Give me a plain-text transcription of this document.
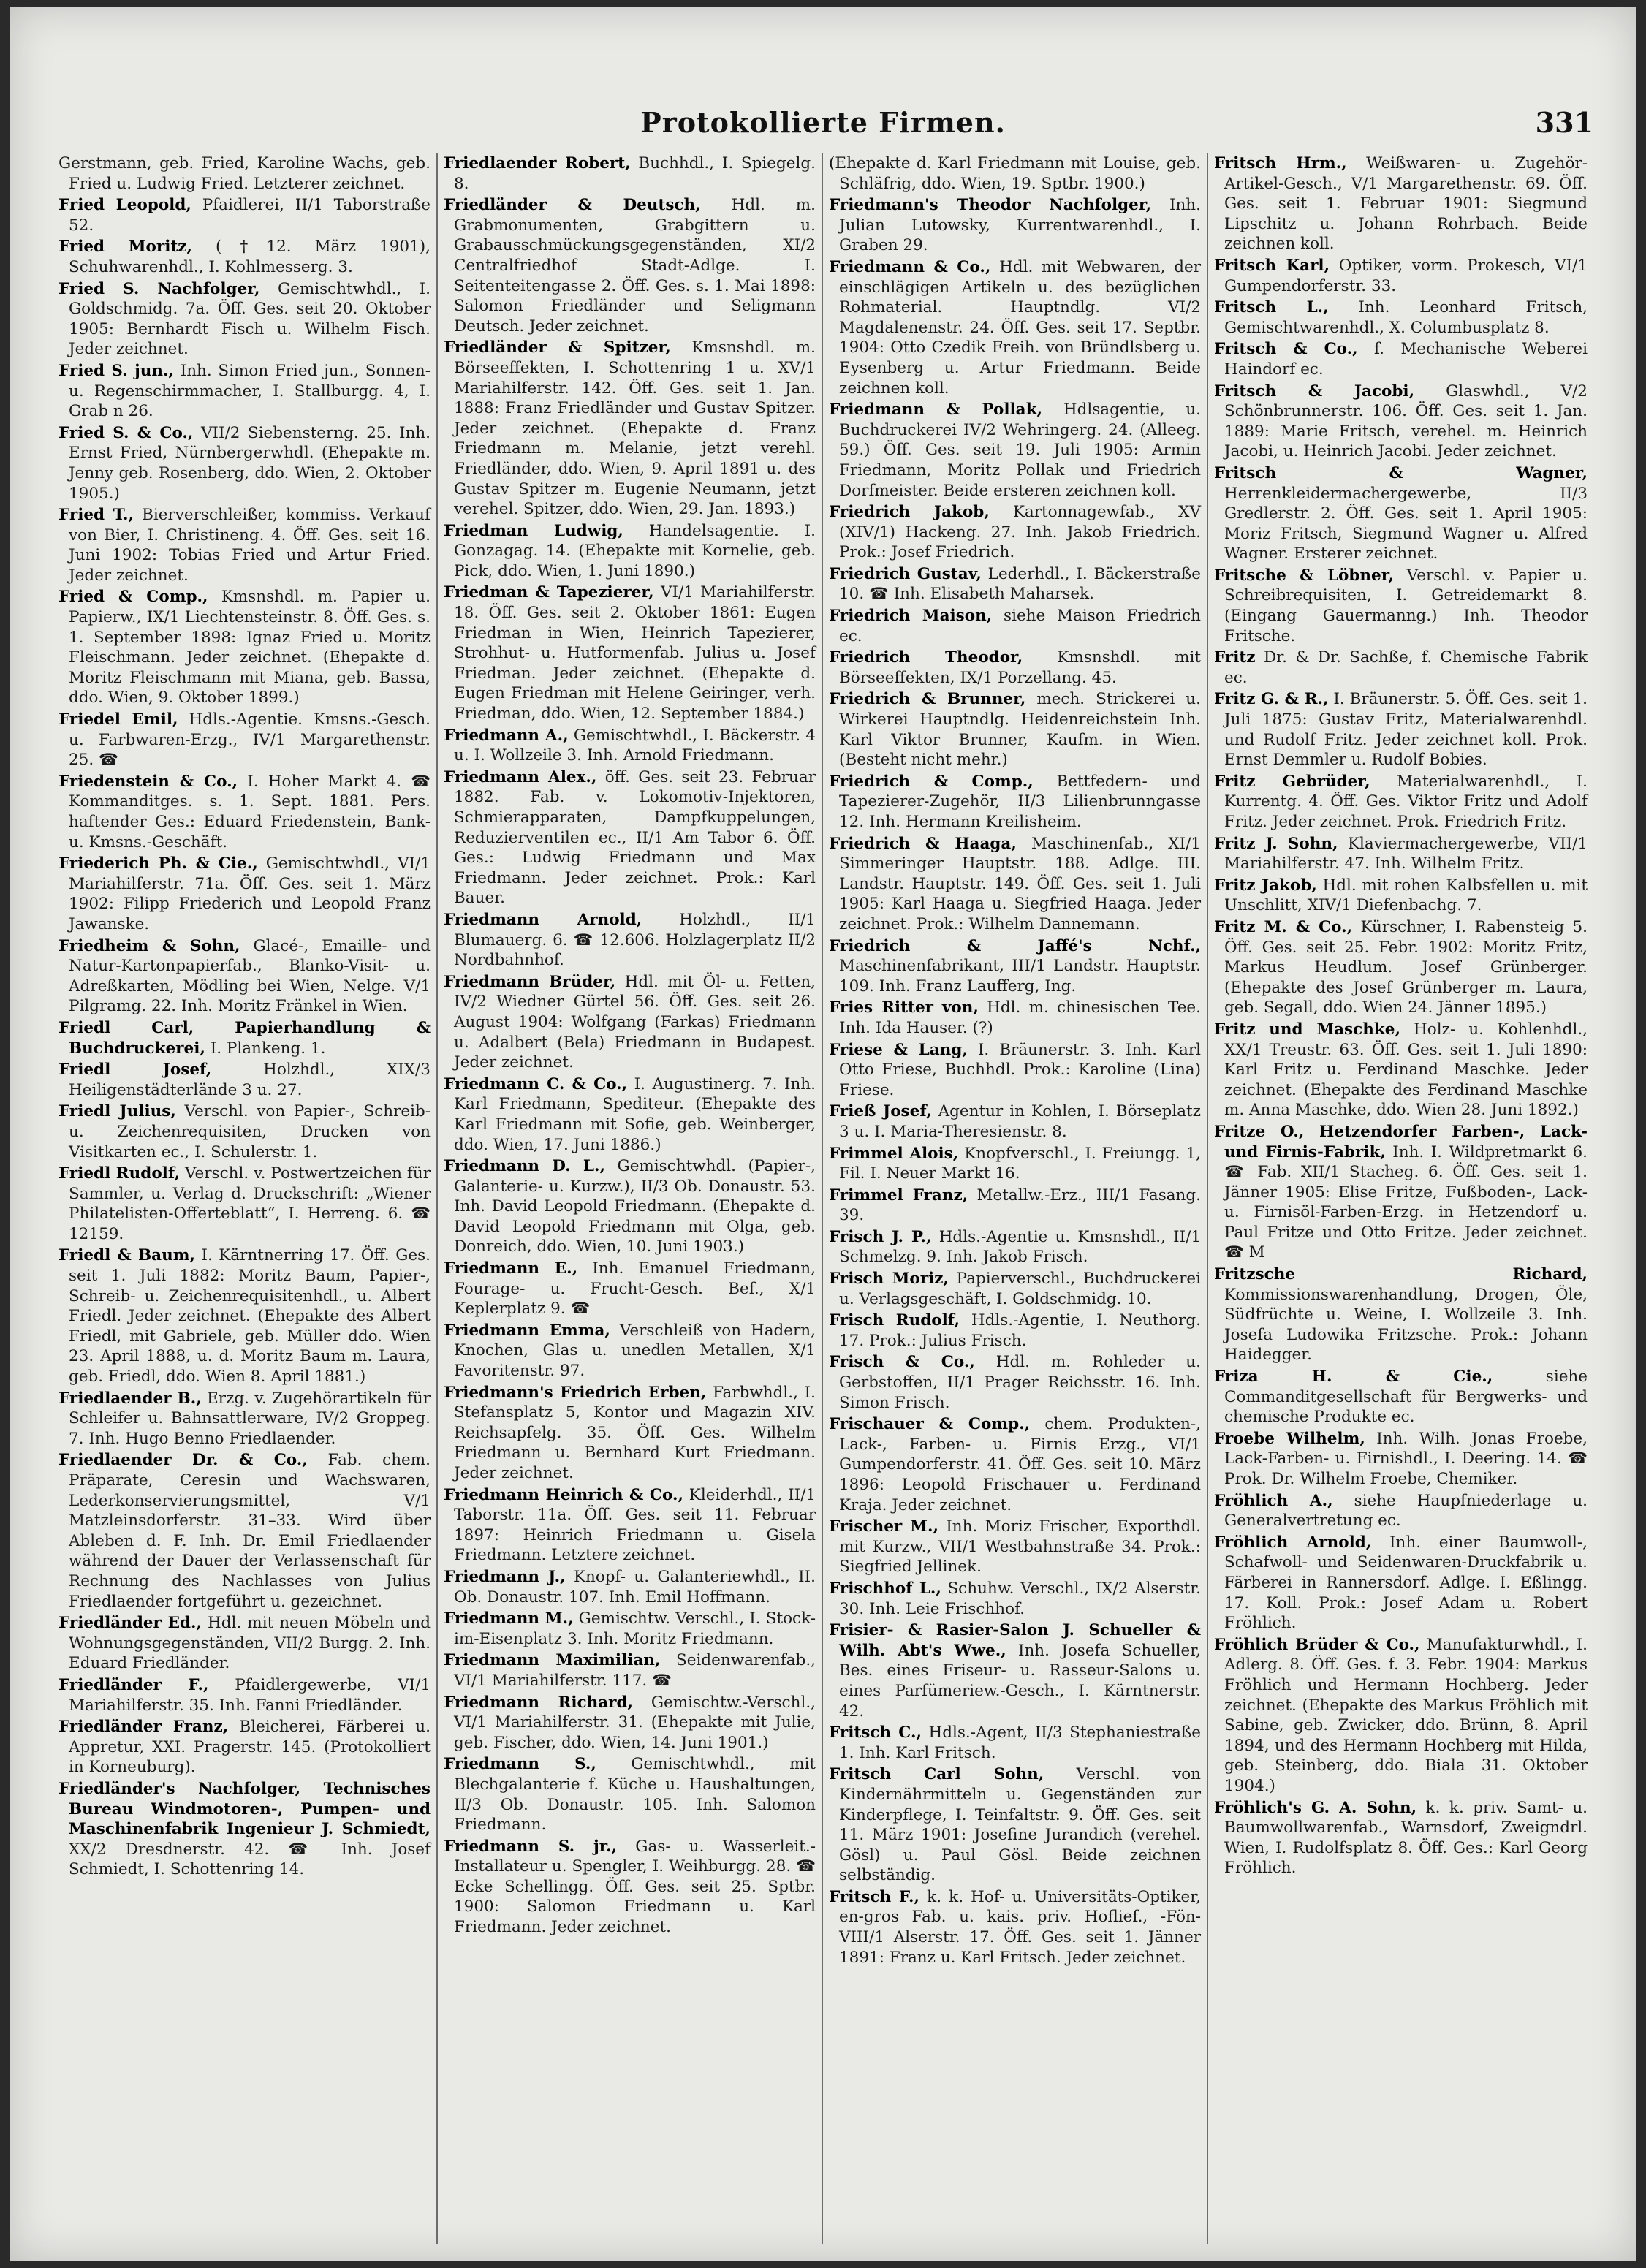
Protokollierte Firmen.	331

Gerstmann, geb. Fried, Karoline Wachs, geb. Fried u. Ludwig Fried. Letzterer zeichnet.

Fried Leopold, Pfaidlerei, II/1 Taborstraße 52.

Fried Moritz, (†12. März 1901), Schuhwarenhdl., I. Kohlmesserg. 3.

Fried S. Nachfolger, Gemischtwhdl., I. Goldschmidg. 7a. Öff. Ges. seit 20. Oktober 1905: Bernhardt Fisch u. Wilhelm Fisch. Jeder zeichnet.

Fried S. jun., Inh. Simon Fried jun., Sonnen- u. Regenschirmmacher, I. Stallburgg. 4, I. Grab n 26.

Fried S. & Co., VII/2 Siebensterng. 25. Inh. Ernst Fried, Nürnbergerwhdl. (Ehepakte m. Jenny geb. Rosenberg, ddo. Wien, 2. Oktober 1905.)

Fried T., Bierverschleißer, kommiss. Verkauf von Bier, I. Christineng. 4. Öff. Ges. seit 16. Juni 1902: Tobias Fried und Artur Fried. Jeder zeichnet.

Fried & Comp., Kmsnshdl. m. Papier u. Papierw., IX/1 Liechtensteinstr. 8. Öff. Ges. s. 1. September 1898: Ignaz Fried u. Moritz Fleischmann. Jeder zeichnet. (Ehepakte d. Moritz Fleischmann mit Miana, geb. Bassa, ddo. Wien, 9. Oktober 1899.)

Friedel Emil, Hdls.-Agentie. Kmsns.-Gesch. u. Farbwaren-Erzg., IV/1 Margarethenstr. 25. ☎

Friedenstein & Co., I. Hoher Markt 4. ☎ Kommanditges. s. 1. Sept. 1881. Pers. haftender Ges.: Eduard Friedenstein, Bank- u. Kmsns.-Geschäft.

Friederich Ph. & Cie., Gemischtwhdl., VI/1 Mariahilferstr. 71a. Öff. Ges. seit 1. März 1902: Filipp Friederich und Leopold Franz Jawanske.

Friedheim & Sohn, Glacé-, Emaille- und Natur-Kartonpapierfab., Blanko-Visit- u. Adreßkarten, Mödling bei Wien, Nelge. V/1 Pilgramg. 22. Inh. Moritz Fränkel in Wien.

Friedl Carl, Papierhandlung & Buchdruckerei, I. Plankeng. 1.

Friedl Josef,	Holzhdl., XIX/3 Heiligenstädterlände 3 u. 27.

Friedl Julius, Verschl. von Papier-, Schreib- u. Zeichenrequisiten, Drucken von Visitkarten ec., I. Schulerstr. 1.

Friedl Rudolf, Verschl. v. Postwertzeichen für Sammler, u. Verlag d. Druckschrift: „Wiener Philatelisten-Offerteblatt“, I. Herreng. 6. ☎ 12159.

Friedl & Baum, I. Kärntnerring 17. Öff. Ges. seit 1. Juli 1882: Moritz Baum, Papier-, Schreib- u. Zeichenrequisitenhdl., u. Albert Friedl. Jeder zeichnet. (Ehepakte des Albert Friedl, mit Gabriele, geb. Müller ddo. Wien 23. April 1888, u. d. Moritz Baum m. Laura, geb. Friedl, ddo. Wien 8. April 1881.)

Friedlaender B., Erzg. v. Zugehörartikeln für Schleifer u. Bahnsattlerware, IV/2 Groppeg. 7. Inh. Hugo Benno Friedlaender.

Friedlaender Dr. & Co., Fab. chem. Präparate, Ceresin und Wachswaren, Lederkonservierungsmittel, V/1 Matzleinsdorferstr. 31–33. Wird über Ableben d. F. Inh. Dr. Emil Friedlaender während der Dauer der Verlassenschaft für Rechnung des Nachlasses von Julius Friedlaender fortgeführt u. gezeichnet.

Friedländer Ed., Hdl. mit neuen Möbeln und Wohnungsgegenständen, VII/2 Burgg. 2. Inh. Eduard Friedländer.

Friedländer F., Pfaidlergewerbe, VI/1 Mariahilferstr. 35. Inh. Fanni Friedländer.

Friedländer Franz, Bleicherei, Färberei u. Appretur, XXI. Pragerstr. 145. (Protokolliert in Korneuburg).

Friedländer's Nachfolger, Technisches Bureau Windmotoren-, Pumpen- und Maschinenfabrik Ingenieur J. Schmiedt, XX/2 Dresdnerstr. 42. ☎ Inh. Josef Schmiedt, I. Schottenring 14.

Friedlaender Robert, Buchhdl., I. Spiegelg. 8.

Friedländer & Deutsch, Hdl. m. Grabmonumenten, Grabgittern u. Grabausschmückungsgegenständen, XI/2 Centralfriedhof Stadt-Adlge. I. Seitenteitengasse 2. Öff. Ges. s. 1. Mai 1898: Salomon Friedländer und Seligmann Deutsch. Jeder zeichnet.

Friedländer & Spitzer, Kmsnshdl. m. Börseeffekten, I. Schottenring 1 u. XV/1 Mariahilferstr. 142. Öff. Ges. seit 1. Jan. 1888: Franz Friedländer und Gustav Spitzer. Jeder zeichnet. (Ehepakte d. Franz Friedmann m. Melanie, jetzt verehl. Friedländer, ddo. Wien, 9. April 1891 u. des Gustav Spitzer m. Eugenie Neumann, jetzt verehel. Spitzer, ddo. Wien, 29. Jan. 1893.)

Friedman Ludwig, Handelsagentie. I. Gonzagag. 14. (Ehepakte mit Kornelie, geb. Pick, ddo. Wien, 1. Juni 1890.)

Friedman & Tapezierer, VI/1 Mariahilferstr. 18. Öff. Ges. seit 2. Oktober 1861: Eugen Friedman in Wien, Heinrich Tapezierer, Strohhut- u. Hutformenfab. Julius u. Josef Friedman. Jeder zeichnet. (Ehepakte d. Eugen Friedman mit Helene Geiringer, verh. Friedman, ddo. Wien, 12. September 1884.)

Friedmann A., Gemischtwhdl., I. Bäckerstr. 4 u. I. Wollzeile 3. Inh. Arnold Friedmann.

Friedmann Alex., öff. Ges. seit 23. Februar 1882. Fab. v. Lokomotiv-Injektoren, Schmierapparaten, Dampfkuppelungen, Reduzierventilen ec., II/1 Am Tabor 6. Öff. Ges.: Ludwig Friedmann und Max Friedmann. Jeder zeichnet. Prok.: Karl Bauer.

Friedmann Arnold, Holzhdl., II/1 Blumauerg. 6. ☎ 12.606. Holzlagerplatz II/2 Nordbahnhof.

Friedmann Brüder, Hdl. mit Öl- u. Fetten, IV/2 Wiedner Gürtel 56. Öff. Ges. seit 26. August 1904: Wolfgang (Farkas) Friedmann u. Adalbert (Bela) Friedmann in Budapest. Jeder zeichnet.

Friedmann C. & Co., I. Augustinerg. 7. Inh. Karl Friedmann, Spediteur. (Ehepakte des Karl Friedmann mit Sofie, geb. Weinberger, ddo. Wien, 17. Juni 1886.)

Friedmann D. L., Gemischtwhdl. (Papier-, Galanterie- u. Kurzw.), II/3 Ob. Donaustr. 53. Inh. David Leopold Friedmann. (Ehepakte d. David Leopold Friedmann mit Olga, geb. Donreich, ddo. Wien, 10. Juni 1903.)

Friedmann E., Inh. Emanuel Friedmann, Fourage- u. Frucht-Gesch. Bef., X/1 Keplerplatz 9. ☎

Friedmann Emma, Verschleiß von Hadern, Knochen, Glas u. unedlen Metallen, X/1 Favoritenstr. 97.

Friedmann's Friedrich Erben, Farbwhdl., I. Stefansplatz 5, Kontor und Magazin XIV. Reichsapfelg. 35. Öff. Ges. Wilhelm Friedmann u. Bernhard Kurt Friedmann. Jeder zeichnet.

Friedmann Heinrich & Co., Kleiderhdl., II/1 Taborstr. 11a. Öff. Ges. seit 11. Februar 1897: Heinrich Friedmann u. Gisela Friedmann. Letztere zeichnet.

Friedmann J., Knopf- u. Galanteriewhdl., II. Ob. Donaustr. 107. Inh. Emil Hoffmann.

Friedmann M., Gemischtw. Verschl., I. Stock-im-Eisenplatz 3. Inh. Moritz Friedmann.

Friedmann Maximilian, Seidenwarenfab., VI/1 Mariahilferstr. 117. ☎

Friedmann Richard, Gemischtw.-Verschl., VI/1 Mariahilferstr. 31. (Ehepakte mit Julie, geb. Fischer, ddo. Wien, 14. Juni 1901.)

Friedmann S., Gemischtwhdl., mit Blechgalanterie f. Küche u. Haushaltungen, II/3 Ob. Donaustr. 105. Inh. Salomon Friedmann.

Friedmann S. jr., Gas- u. Wasserleit.-Installateur u. Spengler, I. Weihburgg. 28. ☎ Ecke Schellingg. Öff. Ges. seit 25. Sptbr. 1900: Salomon Friedmann u. Karl Friedmann. Jeder zeichnet.

(Ehepakte d. Karl Friedmann mit Louise, geb. Schläfrig, ddo. Wien, 19. Sptbr. 1900.)

Friedmann's Theodor Nachfolger, Inh. Julian Lutowsky, Kurrentwarenhdl., I. Graben 29.

Friedmann & Co., Hdl. mit Webwaren, der einschlägigen Artikeln u. des bezüglichen Rohmaterial. Hauptndlg. VI/2 Magdalenenstr. 24. Öff. Ges. seit 17. Septbr. 1904: Otto Czedik Freih. von Bründlsberg u. Eysenberg u. Artur Friedmann. Beide zeichnen koll.

Friedmann & Pollak, Hdlsagentie, u. Buchdruckerei IV/2 Wehringerg. 24. (Alleeg. 59.) Öff. Ges. seit 19. Juli 1905: Armin Friedmann, Moritz Pollak und Friedrich Dorfmeister. Beide ersteren zeichnen koll.

Friedrich Jakob, Kartonnagewfab., XV (XIV/1) Hackeng. 27. Inh. Jakob Friedrich. Prok.: Josef Friedrich.

Friedrich Gustav, Lederhdl., I. Bäckerstraße 10. ☎ Inh. Elisabeth Maharsek.

Friedrich Maison, siehe Maison Friedrich ec.

Friedrich Theodor, Kmsnshdl. mit Börseeffekten, IX/1 Porzellang. 45.

Friedrich & Brunner, mech. Strickerei u. Wirkerei Hauptndlg. Heidenreichstein Inh. Karl Viktor Brunner, Kaufm. in Wien. (Besteht nicht mehr.)

Friedrich & Comp., Bettfedern- und Tapezierer-Zugehör, II/3 Lilienbrunngasse 12. Inh. Hermann Kreilisheim.

Friedrich & Haaga, Maschinenfab., XI/1 Simmeringer Hauptstr. 188. Adlge. III. Landstr. Hauptstr. 149. Öff. Ges. seit 1. Juli 1905: Karl Haaga u. Siegfried Haaga. Jeder zeichnet. Prok.: Wilhelm Dannemann.

Friedrich & Jaffé's Nchf., Maschinenfabrikant, III/1 Landstr. Hauptstr. 109. Inh. Franz Laufferg, Ing.

Fries Ritter von, Hdl. m. chinesischen Tee. Inh. Ida Hauser. (?)

Friese & Lang, I. Bräunerstr. 3. Inh. Karl Otto Friese, Buchhdl. Prok.: Karoline (Lina) Friese.

Frieß Josef, Agentur in Kohlen, I. Börseplatz 3 u. I. Maria-Theresienstr. 8.

Frimmel Alois, Knopfverschl., I. Freiungg. 1, Fil. I. Neuer Markt 16.

Frimmel Franz, Metallw.-Erz., III/1 Fasang. 39.

Frisch J. P., Hdls.-Agentie u. Kmsnshdl., II/1 Schmelzg. 9. Inh. Jakob Frisch.

Frisch Moriz, Papierverschl., Buchdruckerei u. Verlagsgeschäft, I. Goldschmidg. 10.

Frisch Rudolf, Hdls.-Agentie, I. Neuthorg. 17. Prok.: Julius Frisch.

Frisch & Co., Hdl. m. Rohleder u. Gerbstoffen, II/1 Prager Reichsstr. 16. Inh. Simon Frisch.

Frischauer & Comp., chem. Produkten-, Lack-, Farben- u. Firnis Erzg., VI/1 Gumpendorferstr. 41. Öff. Ges. seit 10. März 1896: Leopold Frischauer u. Ferdinand Kraja. Jeder zeichnet.

Frischer M., Inh. Moriz Frischer, Exporthdl. mit Kurzw., VII/1 Westbahnstraße 34. Prok.: Siegfried Jellinek.

Frischhof L., Schuhw. Verschl., IX/2 Alserstr. 30. Inh. Leie Frischhof.

Frisier- & Rasier-Salon J. Schueller & Wilh. Abt's Wwe., Inh. Josefa Schueller, Bes. eines Friseur- u. Rasseur-Salons u. eines Parfümeriew.-Gesch., I. Kärntnerstr. 42.

Fritsch C., Hdls.-Agent, II/3 Stephaniestraße 1. Inh. Karl Fritsch.

Fritsch Carl Sohn, Verschl. von Kindernährmitteln u. Gegenständen zur Kinderpflege, I. Teinfaltstr. 9. Öff. Ges. seit 11. März 1901: Josefine Jurandich (verehel. Gösl) u. Paul Gösl. Beide zeichnen selbständig.

Fritsch F., k. k. Hof- u. Universitäts-Optiker, en-gros Fab. u. kais. priv. Hoflief., -Fön- VIII/1 Alserstr. 17. Öff. Ges. seit 1. Jänner 1891: Franz u. Karl Fritsch. Jeder zeichnet.

Fritsch Hrm., Weißwaren- u. Zugehör-Artikel-Gesch., V/1 Margarethenstr. 69. Öff. Ges. seit 1. Februar 1901: Siegmund Lipschitz u. Johann Rohrbach. Beide zeichnen koll.

Fritsch Karl, Optiker, vorm. Prokesch, VI/1 Gumpendorferstr. 33.

Fritsch L., Inh. Leonhard Fritsch, Gemischtwarenhdl., X. Columbusplatz 8.

Fritsch & Co., f. Mechanische Weberei Haindorf ec.

Fritsch & Jacobi, Glaswhdl., V/2 Schönbrunnerstr. 106. Öff. Ges. seit 1. Jan. 1889: Marie Fritsch, verehel. m. Heinrich Jacobi, u. Heinrich Jacobi. Jeder zeichnet.

Fritsch & Wagner, Herrenkleidermachergewerbe, II/3 Gredlerstr. 2. Öff. Ges. seit 1. April 1905: Moriz Fritsch, Siegmund Wagner u. Alfred Wagner. Ersterer zeichnet.

Fritsche & Löbner, Verschl. v. Papier u. Schreibrequisiten, I. Getreidemarkt 8. (Eingang Gauermanng.) Inh. Theodor Fritsche.

Fritz Dr. & Dr. Sachße, f. Chemische Fabrik ec.

Fritz G. & R., I. Bräunerstr. 5. Öff. Ges. seit 1. Juli 1875: Gustav Fritz, Materialwarenhdl. und Rudolf Fritz. Jeder zeichnet koll. Prok. Ernst Demmler u. Rudolf Bobies.

Fritz Gebrüder, Materialwarenhdl., I. Kurrentg. 4. Öff. Ges. Viktor Fritz und Adolf Fritz. Jeder zeichnet. Prok. Friedrich Fritz.

Fritz J. Sohn, Klaviermachergewerbe, VII/1 Mariahilferstr. 47. Inh. Wilhelm Fritz.

Fritz Jakob, Hdl. mit rohen Kalbsfellen u. mit Unschlitt, XIV/1 Diefenbachg. 7.

Fritz M. & Co., Kürschner, I. Rabensteig 5. Öff. Ges. seit 25. Febr. 1902: Moritz Fritz, Markus Heudlum. Josef Grünberger. (Ehepakte des Josef Grünberger m. Laura, geb. Segall, ddo. Wien 24. Jänner 1895.)

Fritz und Maschke, Holz- u. Kohlenhdl., XX/1 Treustr. 63. Öff. Ges. seit 1. Juli 1890: Karl Fritz u. Ferdinand Maschke. Jeder zeichnet. (Ehepakte des Ferdinand Maschke m. Anna Maschke, ddo. Wien 28. Juni 1892.)

Fritze O., Hetzendorfer Farben-, Lack- und Firnis-Fabrik, Inh. I. Wildpretmarkt 6. ☎ Fab. XII/1 Stacheg. 6. Öff. Ges. seit 1. Jänner 1905: Elise Fritze, Fußboden-, Lack- u. Firnisöl-Farben-Erzg. in Hetzendorf u. Paul Fritze und Otto Fritze. Jeder zeichnet. ☎ M

Fritzsche Richard, Kommissionswarenhandlung, Drogen, Öle, Südfrüchte u. Weine, I. Wollzeile 3. Inh. Josefa Ludowika Fritzsche. Prok.: Johann Haidegger.

Friza H. & Cie.,	siehe Commanditgesellschaft für Bergwerks- und chemische Produkte ec.

Froebe Wilhelm, Inh. Wilh. Jonas Froebe, Lack-Farben- u. Firnishdl., I. Deering. 14. ☎ Prok. Dr. Wilhelm Froebe, Chemiker.

Fröhlich A., siehe Haupfniederlage u. Generalvertretung ec.

Fröhlich Arnold, Inh. einer Baumwoll-, Schafwoll- und Seidenwaren-Druckfabrik u. Färberei in Rannersdorf. Adlge. I. Eßlingg. 17. Koll. Prok.: Josef Adam u. Robert Fröhlich.

Fröhlich Brüder & Co., Manufakturwhdl., I. Adlerg. 8. Öff. Ges. f. 3. Febr. 1904: Markus Fröhlich und Hermann Hochberg. Jeder zeichnet. (Ehepakte des Markus Fröhlich mit Sabine, geb. Zwicker, ddo. Brünn, 8. April 1894, und des Hermann Hochberg mit Hilda, geb. Steinberg, ddo. Biala 31. Oktober 1904.)

Fröhlich's G. A. Sohn, k. k. priv. Samt- u. Baumwollwarenfab., Warnsdorf, Zweigndrl. Wien, I. Rudolfsplatz 8. Öff. Ges.: Karl Georg Fröhlich.
